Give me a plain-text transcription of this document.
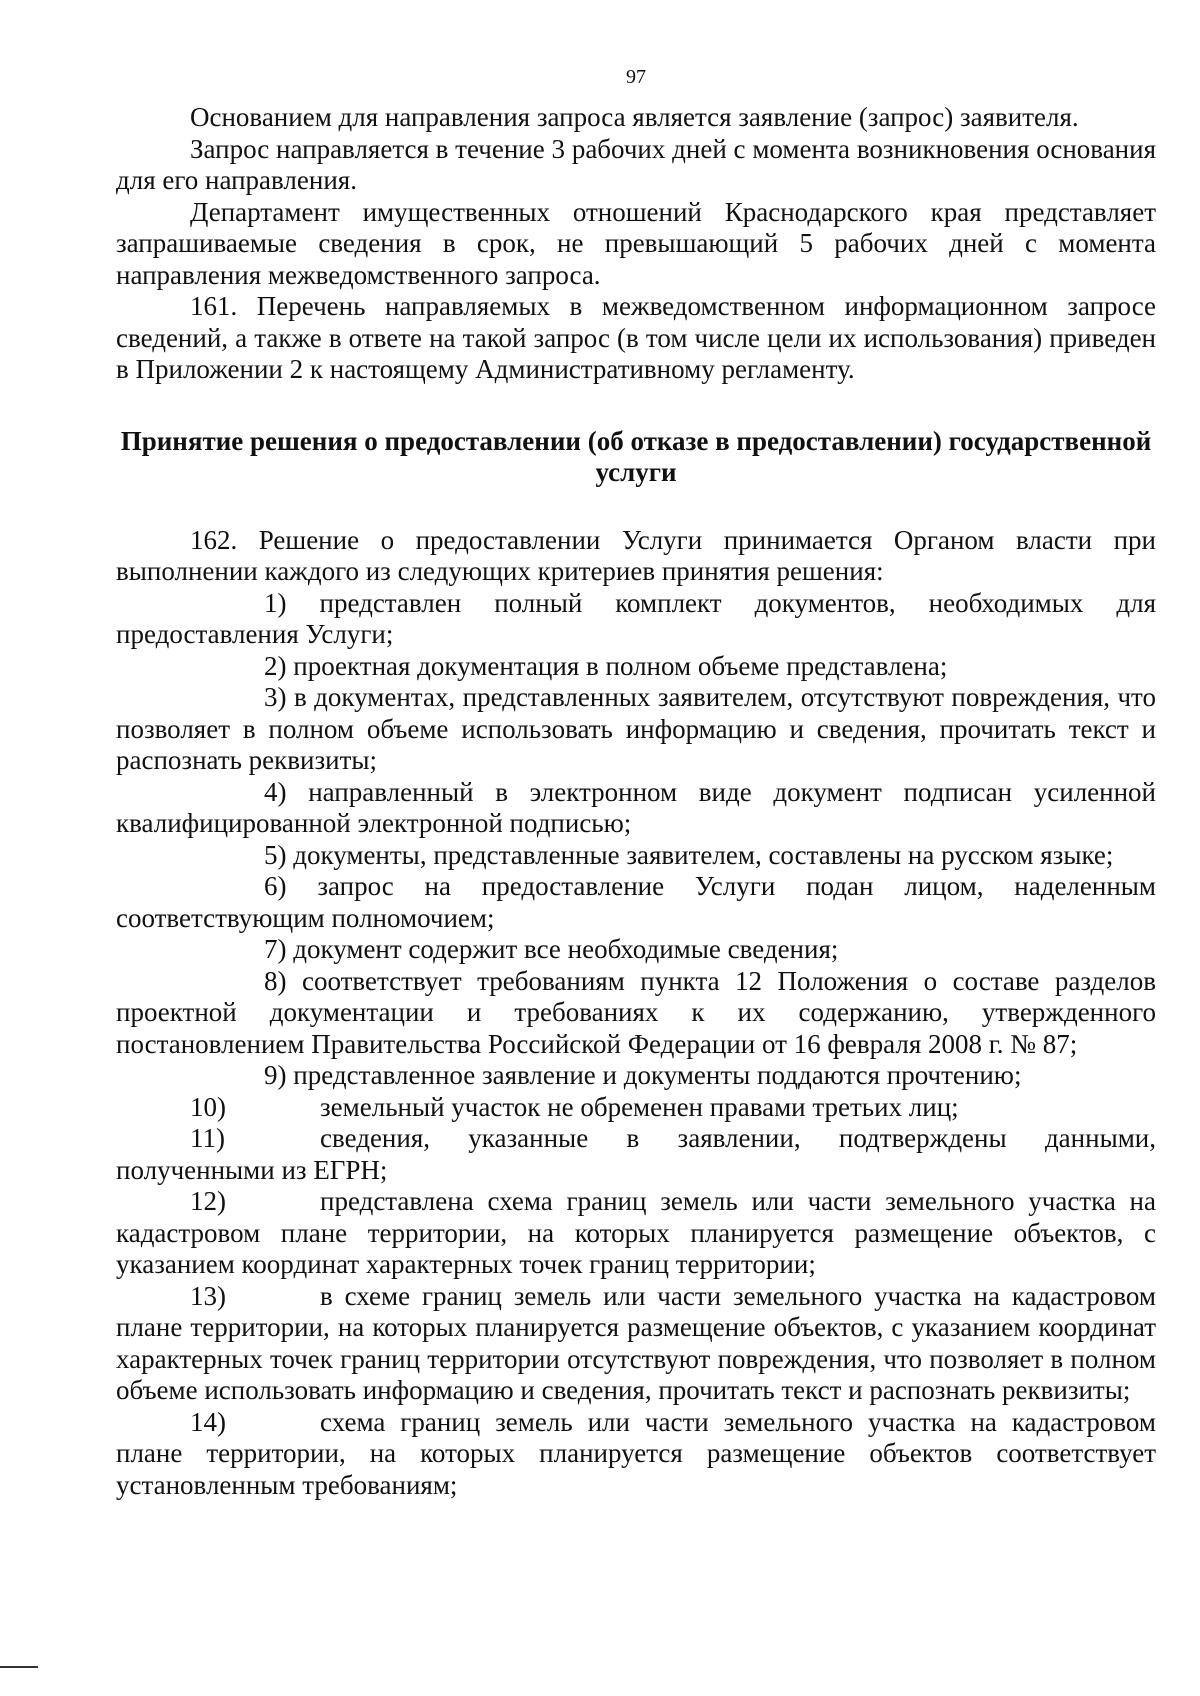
97

Основанием для направления запроса является заявление (запрос) заявителя.

Запрос направляется в течение 3 рабочих дней с момента возникновения основания для его направления.

Департамент имущественных отношений Краснодарского края представляет запрашиваемые сведения в срок, не превышающий 5 рабочих дней с момента направления межведомственного запроса.

161. Перечень направляемых в межведомственном информационном запросе сведений, а также в ответе на такой запрос (в том числе цели их использования) приведен в Приложении 2 к настоящему Административному регламенту.

Принятие решения о предоставлении (об отказе в предоставлении) государственной услуги

162. Решение о предоставлении Услуги принимается Органом власти при выполнении каждого из следующих критериев принятия решения:

1) представлен полный комплект документов, необходимых для предоставления Услуги;

2) проектная документация в полном объеме представлена;

3) в документах, представленных заявителем, отсутствуют повреждения, что позволяет в полном объеме использовать информацию и сведения, прочитать текст и распознать реквизиты;

4) направленный в электронном виде документ подписан усиленной квалифицированной электронной подписью;

5) документы, представленные заявителем, составлены на русском языке;

6) запрос на предоставление Услуги подан лицом, наделенным соответствующим полномочием;

7) документ содержит все необходимые сведения;

8) соответствует требованиям пункта 12 Положения о составе разделов проектной документации и требованиях к их содержанию, утвержденного постановлением Правительства Российской Федерации от 16 февраля 2008 г. № 87;

9) представленное заявление и документы поддаются прочтению;

10)	земельный участок не обременен правами третьих лиц;

11)	сведения, указанные в заявлении, подтверждены данными, полученными из ЕГРН;

12)	представлена схема границ земель или части земельного участка на кадастровом плане территории, на которых планируется размещение объектов, с указанием координат характерных точек границ территории;

13)	в схеме границ земель или части земельного участка на кадастровом плане территории, на которых планируется размещение объектов, с указанием координат характерных точек границ территории отсутствуют повреждения, что позволяет в полном объеме использовать информацию и сведения, прочитать текст и распознать реквизиты;

14)	схема границ земель или части земельного участка на кадастровом плане территории, на которых планируется размещение объектов соответствует установленным требованиям;
